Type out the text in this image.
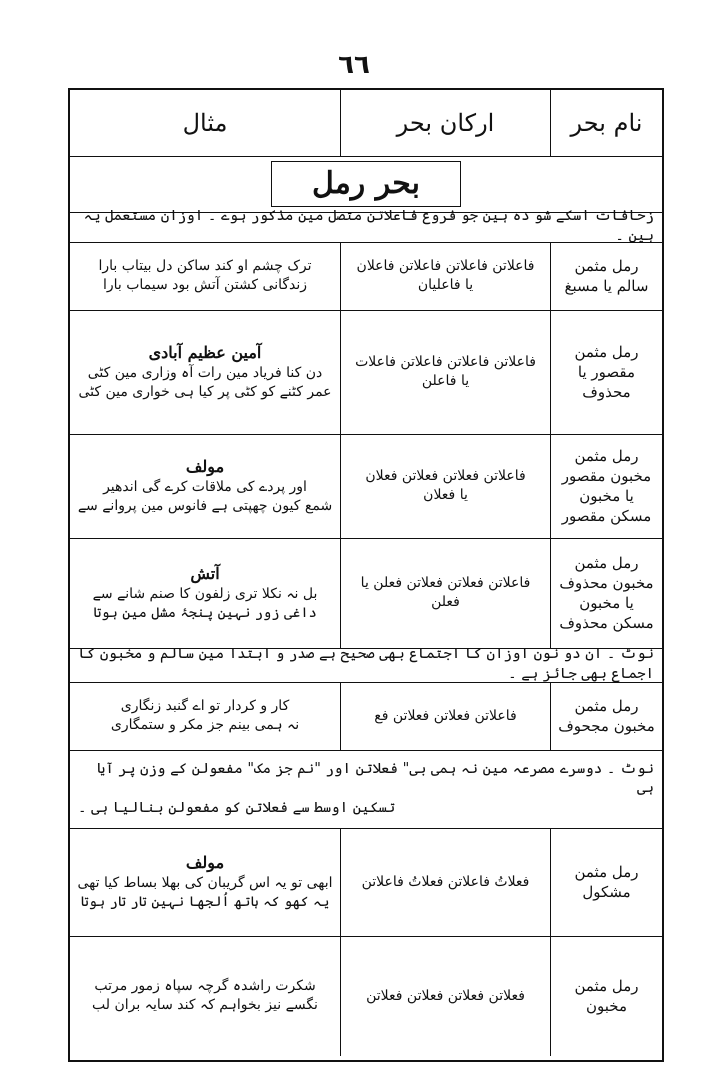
٦٦
نام بحر
ارکان بحر
مثال
بحر رمل
زحافات اسکے شو دہ ہین جو فروع فاعلاتن متصل مین مذکور ہوے ۔ اوزان مستعمل یہ ہین ۔
رمل مثمن سالم یا مسبغ
فاعلاتن فاعلاتن فاعلاتن فاعلان
یا فاعلیان
ترک چشم او کند ساکن دل بیتاب بارا
زندگانی کشتن آتش بود سیماب بارا
رمل مثمن مقصور یا محذوف
فاعلاتن فاعلاتن فاعلاتن فاعلات
یا فاعلن
آمین عظیم آبادی
دن کنا فریاد مین رات آہ وزاری مین کٹی
عمر کٹنے کو کٹی پر کیا ہی خواری مین کٹی
رمل مثمن مخبون مقصور یا مخبون مسکن مقصور
فاعلاتن فعلاتن فعلاتن فعلان
یا فعلان
مولف
اور پردے کی ملاقات کرے گی اندھیر
شمع کیون چھپتی ہے فانوس مین پروانے سے
رمل مثمن مخبون محذوف یا مخبون مسکن محذوف
فاعلاتن فعلاتن فعلاتن فعلن یا فعلن
آتش
بل نہ نکلا تری زلفون کا صنم شانے سے
داغی زور نہین پنجۂ مشل مین ہوتا
نوٹ ۔ ان دو نون اوزان کا اجتماع بھی صحیح ہے صدر و ابتدا مین سالم و مخبون کا اجماع بھی جائز ہے ۔
رمل مثمن مخبون مجحوف
فاعلاتن فعلاتن فعلاتن فع
کار و کردار تو اے گنبد زنگاری
نہ ہمی بینم جز مکر و ستمگاری
نوٹ ۔ دوسرے مصرعہ مین نہ ہمی بی" فعلاتن اور "نم جز مک" مفعولن کے وزن پر آیا ہی
تسکین اوسط سے فعلاتن کو مفعولن بنالیا ہی ۔
رمل مثمن مشکول
فعلاتُ فاعلاتن فعلاتُ فاعلاتن
مولف
ابھی تو یہ اس گریبان کی بھلا بساط کیا تھی
یہ کھو کہ ہاتھ اُلجھا نہین تار تار ہوتا
رمل مثمن مخبون
فعلاتن فعلاتن فعلاتن فعلاتن
شکرت راشدہ گرچہ سپاہ زمور مرتب
نگسے نیز بخواہم کہ کند سایہ بران لب
